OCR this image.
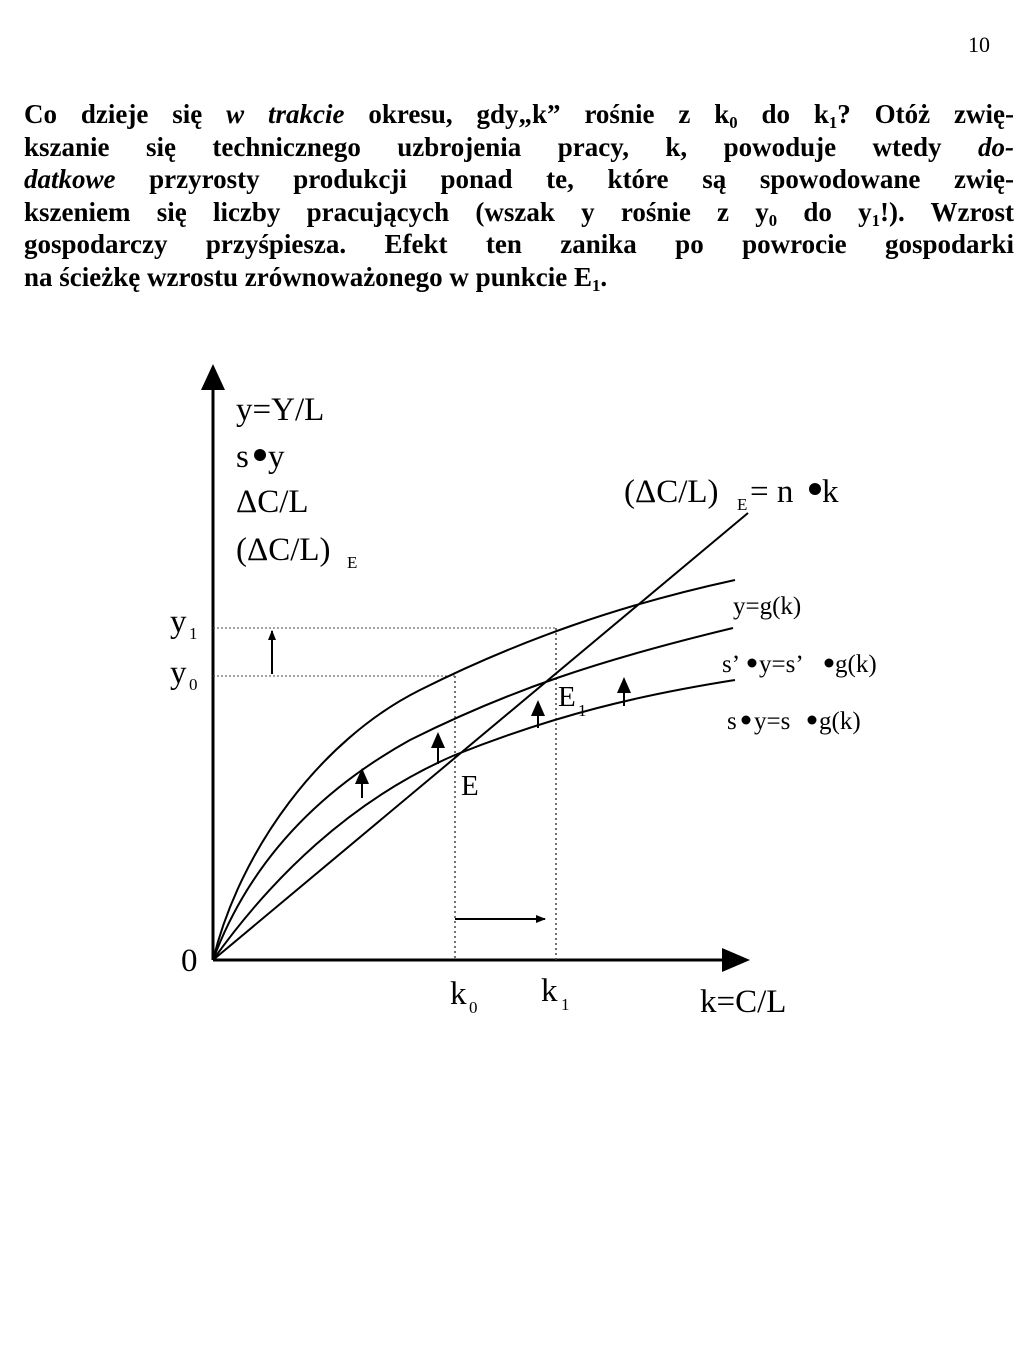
10
Co dzieje się w trakcie okresu, gdy„k” rośnie z $k_0$ do $k_1$? Otóż zwię-
kszanie się technicznego uzbrojenia pracy, k, powoduje wtedy do-
datkowe przyrosty produkcji ponad te, które są spowodowane zwię-
kszeniem się liczby pracujących (wszak y rośnie z $y_0$ do $y_1$!). Wzrost
gospodarczy przyśpiesza. Efekt ten zanika po powrocie gospodarki
na ścieżkę wzrostu zrównoważonego w punkcie $E_1$.
y=Y/L
s y
ΔC/L
(ΔC/L) E
(ΔC/L) E = n k
y=g(k)
s’ y=s’ g(k)
s y=s g(k)
E
E 1
y 1
y 0
0
k 0 k 1	k=C/L
